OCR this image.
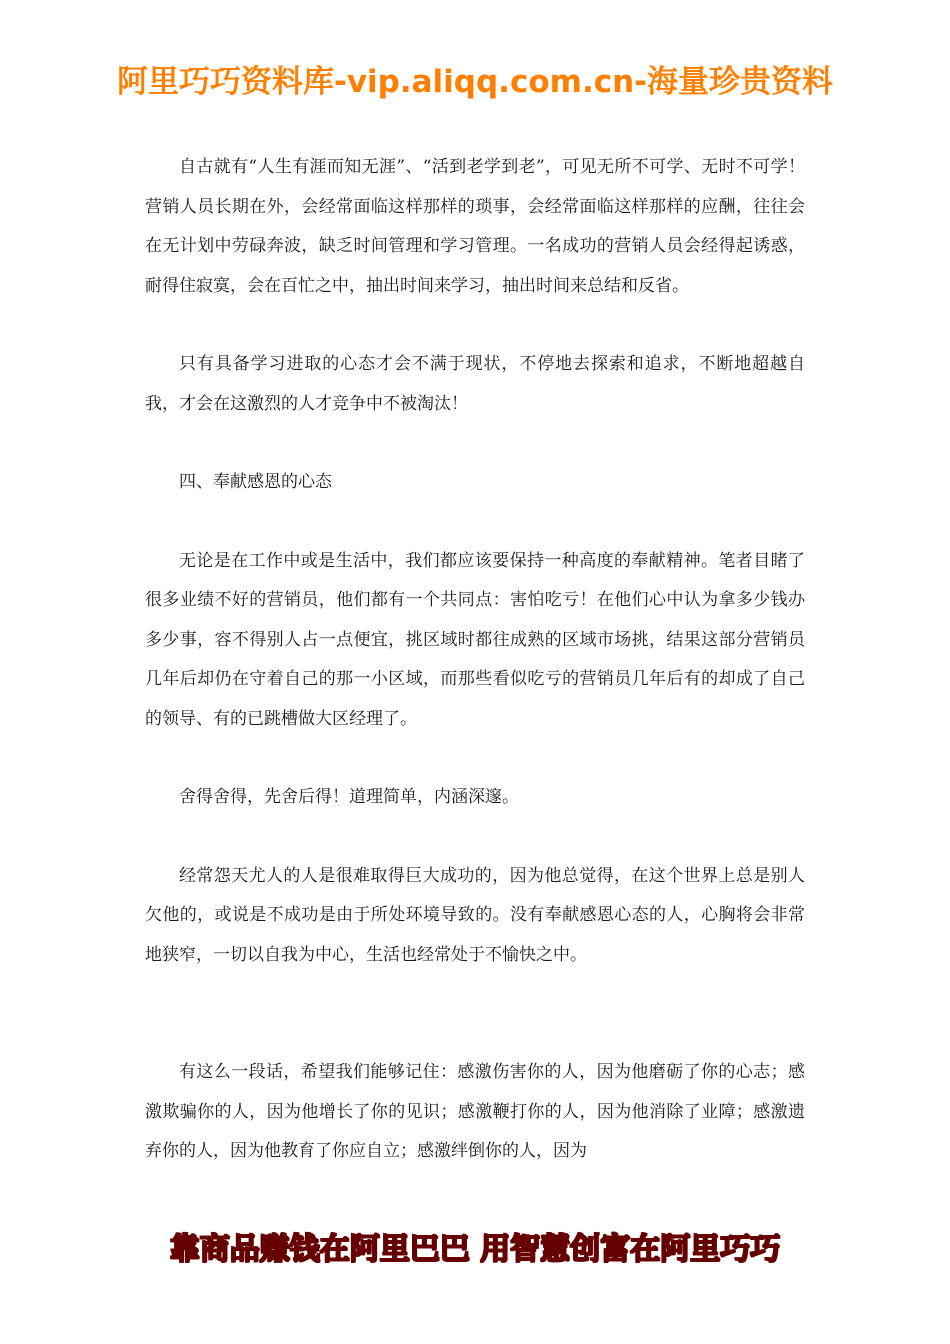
阿里巧巧资料库-vip.aliqq.com.cn-海量珍贵资料

自古就有“人生有涯而知无涯”、“活到老学到老”，可见无所不可学、无时不可学！营销人员长期在外，会经常面临这样那样的琐事，会经常面临这样那样的应酬，往往会在无计划中劳碌奔波，缺乏时间管理和学习管理。一名成功的营销人员会经得起诱惑，耐得住寂寞，会在百忙之中，抽出时间来学习，抽出时间来总结和反省。

只有具备学习进取的心态才会不满于现状，不停地去探索和追求，不断地超越自我，才会在这激烈的人才竞争中不被淘汰！

四、奉献感恩的心态

无论是在工作中或是生活中，我们都应该要保持一种高度的奉献精神。笔者目睹了很多业绩不好的营销员，他们都有一个共同点：害怕吃亏！在他们心中认为拿多少钱办多少事，容不得别人占一点便宜，挑区域时都往成熟的区域市场挑，结果这部分营销员几年后却仍在守着自己的那一小区域，而那些看似吃亏的营销员几年后有的却成了自己的领导、有的已跳槽做大区经理了。

舍得舍得，先舍后得！道理简单，内涵深邃。

经常怨天尤人的人是很难取得巨大成功的，因为他总觉得，在这个世界上总是别人欠他的，或说是不成功是由于所处环境导致的。没有奉献感恩心态的人，心胸将会非常地狭窄，一切以自我为中心，生活也经常处于不愉快之中。

有这么一段话，希望我们能够记住：感激伤害你的人，因为他磨砺了你的心志；感激欺骗你的人，因为他增长了你的见识；感激鞭打你的人，因为他消除了业障；感激遗弃你的人，因为他教育了你应自立；感激绊倒你的人，因为

靠商品赚钱在阿里巴巴 用智慧创富在阿里巧巧
